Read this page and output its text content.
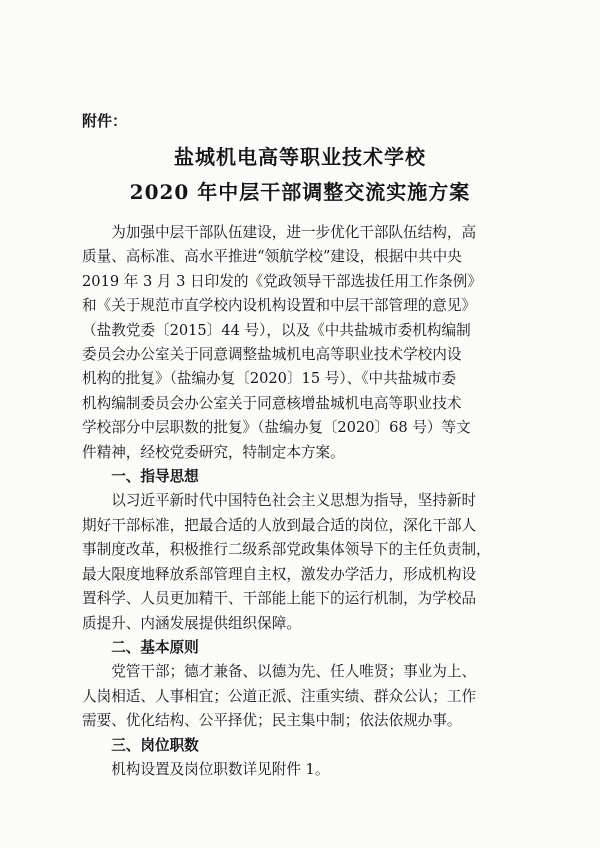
附件：
盐城机电高等职业技术学校
2020 年中层干部调整交流实施方案
为加强中层干部队伍建设，进一步优化干部队伍结构，高
质量、高标准、高水平推进“领航学校”建设，根据中共中央
2019 年 3 月 3 日印发的《党政领导干部选拔任用工作条例》
和《关于规范市直学校内设机构设置和中层干部管理的意见》
（盐教党委〔2015〕44 号），以及《中共盐城市委机构编制
委员会办公室关于同意调整盐城机电高等职业技术学校内设
机构的批复》（盐编办复〔2020〕15 号）、《中共盐城市委
机构编制委员会办公室关于同意核增盐城机电高等职业技术
学校部分中层职数的批复》（盐编办复〔2020〕68 号）等文
件精神，经校党委研究，特制定本方案。
一、指导思想
以习近平新时代中国特色社会主义思想为指导，坚持新时
期好干部标准，把最合适的人放到最合适的岗位，深化干部人
事制度改革，积极推行二级系部党政集体领导下的主任负责制，
最大限度地释放系部管理自主权，激发办学活力，形成机构设
置科学、人员更加精干、干部能上能下的运行机制，为学校品
质提升、内涵发展提供组织保障。
二、基本原则
党管干部；德才兼备、以德为先、任人唯贤；事业为上、
人岗相适、人事相宜；公道正派、注重实绩、群众公认；工作
需要、优化结构、公平择优；民主集中制；依法依规办事。
三、岗位职数
机构设置及岗位职数详见附件 1。
